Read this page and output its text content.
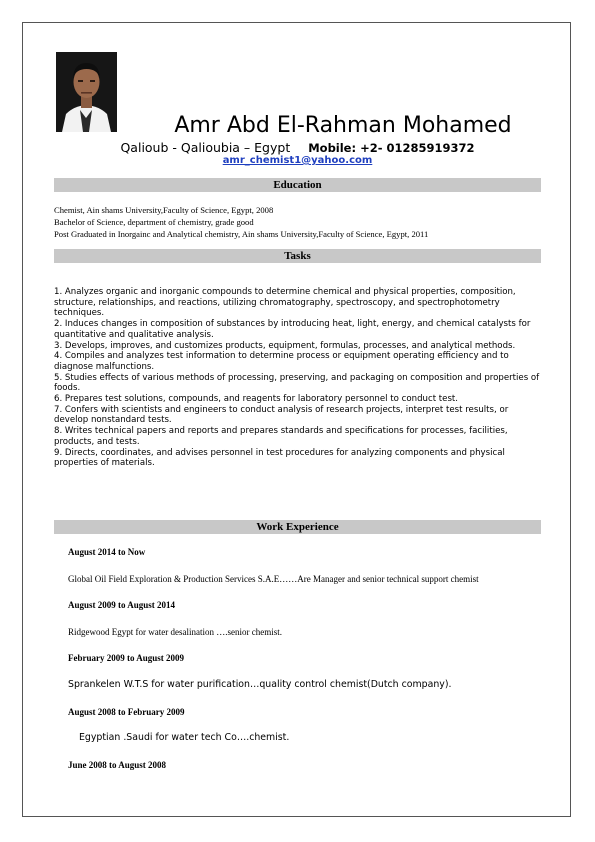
Amr Abd El-Rahman Mohamed
Qalioub - Qalioubia – Egypt Mobile: +2- 01285919372
amr_chemist1@yahoo.com
Education
Chemist, Ain shams University,Faculty of Science, Egypt, 2008
Bachelor of Science, department of chemistry, grade good
Post Graduated in Inorgainc and Analytical chemistry, Ain shams University,Faculty of Science, Egypt, 2011
Tasks

1. Analyzes organic and inorganic compounds to determine chemical and physical properties, composition, structure, relationships, and reactions, utilizing chromatography, spectroscopy, and spectrophotometry techniques.

2. Induces changes in composition of substances by introducing heat, light, energy, and chemical catalysts for quantitative and qualitative analysis.

3. Develops, improves, and customizes products, equipment, formulas, processes, and analytical methods.

4. Compiles and analyzes test information to determine process or equipment operating efficiency and to diagnose malfunctions.

5. Studies effects of various methods of processing, preserving, and packaging on composition and properties of foods.

6. Prepares test solutions, compounds, and reagents for laboratory personnel to conduct test.

7. Confers with scientists and engineers to conduct analysis of research projects, interpret test results, or develop nonstandard tests.

8. Writes technical papers and reports and prepares standards and specifications for processes, facilities, products, and tests.

9. Directs, coordinates, and advises personnel in test procedures for analyzing components and physical properties of materials.

Work Experience
August 2014 to Now
Global Oil Field Exploration & Production Services S.A.E……Are Manager and senior technical support chemist
August 2009 to August 2014
Ridgewood Egypt for water desalination ….senior chemist.
February 2009 to August 2009
Sprankelen W.T.S for water purification…quality control chemist(Dutch company).
August 2008 to February 2009
Egyptian .Saudi for water tech Co….chemist.
June 2008 to August 2008
